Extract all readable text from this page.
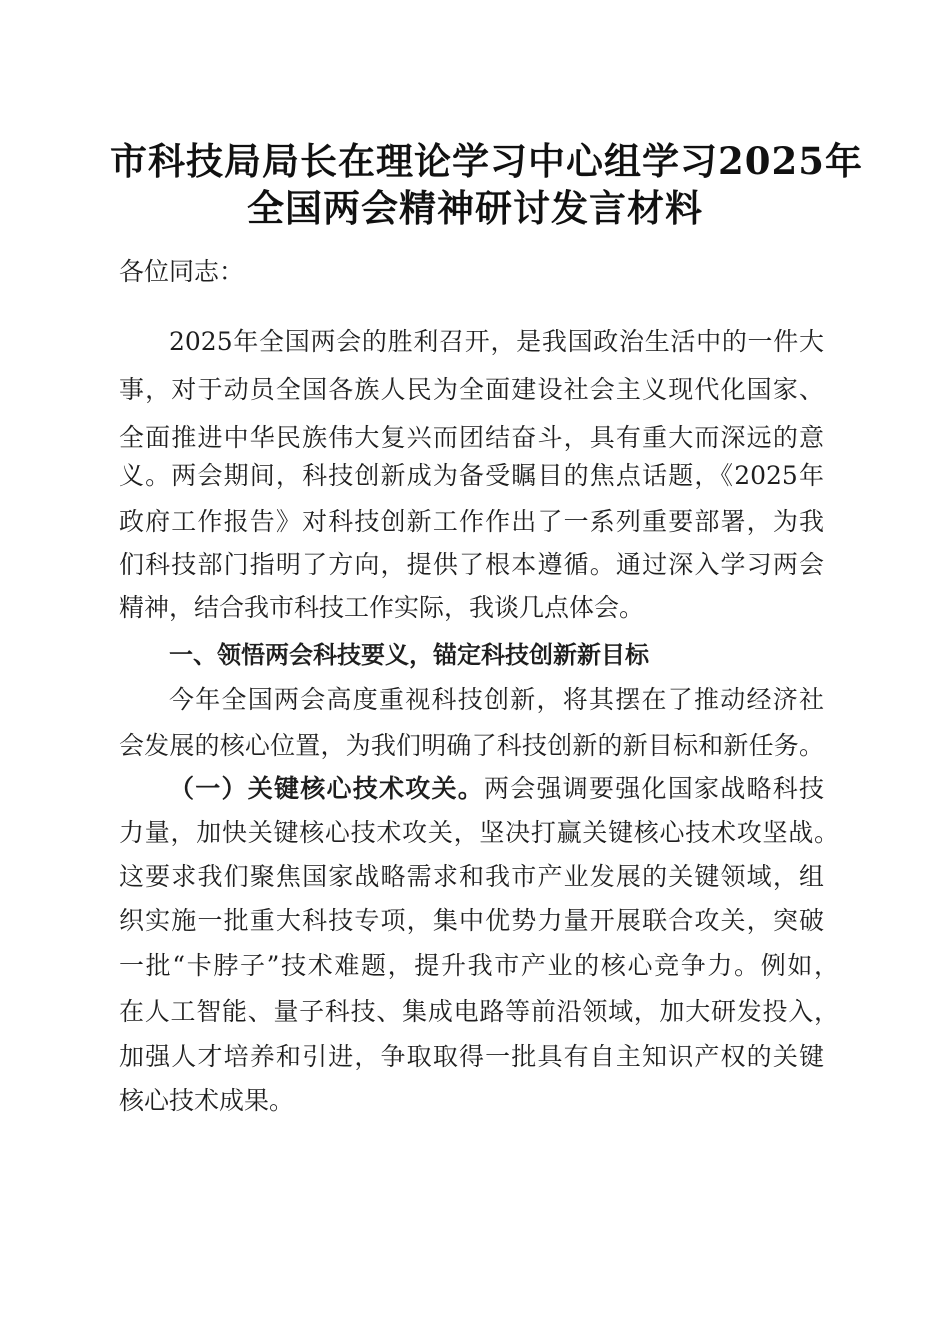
市科技局局长在理论学习中心组学习2025年
全国两会精神研讨发言材料
各位同志：
2025年全国两会的胜利召开，是我国政治生活中的一件大
事，对于动员全国各族人民为全面建设社会主义现代化国家、
全面推进中华民族伟大复兴而团结奋斗，具有重大而深远的意
义。两会期间，科技创新成为备受瞩目的焦点话题，《2025年
政府工作报告》对科技创新工作作出了一系列重要部署，为我
们科技部门指明了方向，提供了根本遵循。通过深入学习两会
精神，结合我市科技工作实际，我谈几点体会。
一、领悟两会科技要义，锚定科技创新新目标
今年全国两会高度重视科技创新，将其摆在了推动经济社
会发展的核心位置，为我们明确了科技创新的新目标和新任务。
（一）关键核心技术攻关。两会强调要强化国家战略科技
力量，加快关键核心技术攻关，坚决打赢关键核心技术攻坚战。
这要求我们聚焦国家战略需求和我市产业发展的关键领域，组
织实施一批重大科技专项，集中优势力量开展联合攻关，突破
一批“卡脖子”技术难题，提升我市产业的核心竞争力。例如，
在人工智能、量子科技、集成电路等前沿领域，加大研发投入，
加强人才培养和引进，争取取得一批具有自主知识产权的关键
核心技术成果。
